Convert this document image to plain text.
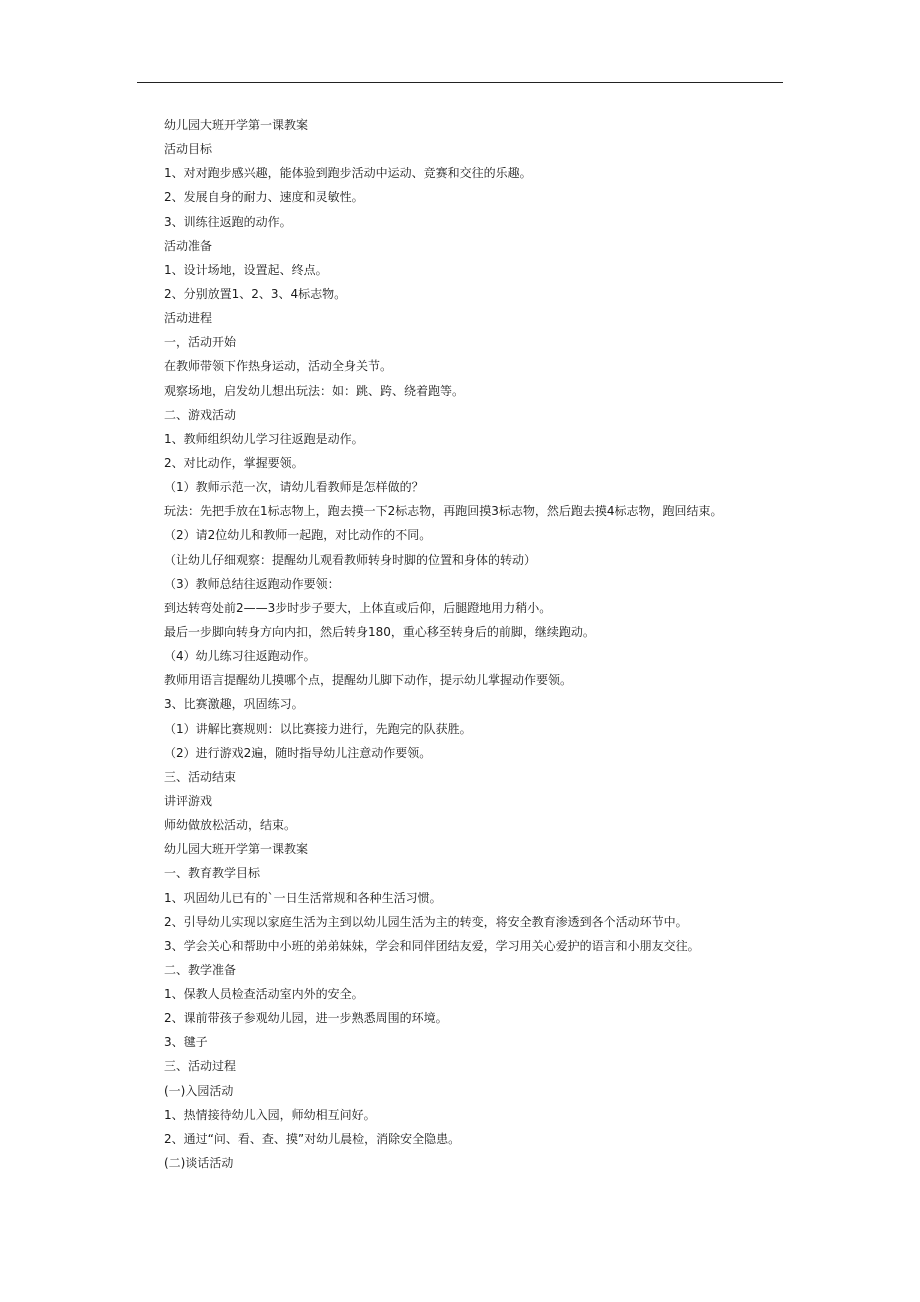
幼儿园大班开学第一课教案
活动目标
1、对对跑步感兴趣，能体验到跑步活动中运动、竞赛和交往的乐趣。
2、发展自身的耐力、速度和灵敏性。
3、训练往返跑的动作。
活动准备
1、设计场地，设置起、终点。
2、分别放置1、2、3、4标志物。
活动进程
一，活动开始
在教师带领下作热身运动，活动全身关节。
观察场地，启发幼儿想出玩法：如：跳、跨、绕着跑等。
二、游戏活动
1、教师组织幼儿学习往返跑是动作。
2、对比动作，掌握要领。
（1）教师示范一次，请幼儿看教师是怎样做的？
玩法：先把手放在1标志物上，跑去摸一下2标志物，再跑回摸3标志物，然后跑去摸4标志物，跑回结束。
（2）请2位幼儿和教师一起跑，对比动作的不同。
（让幼儿仔细观察：提醒幼儿观看教师转身时脚的位置和身体的转动）
（3）教师总结往返跑动作要领：
到达转弯处前2——3步时步子要大，上体直或后仰，后腿蹬地用力稍小。
最后一步脚向转身方向内扣，然后转身180，重心移至转身后的前脚，继续跑动。
（4）幼儿练习往返跑动作。
教师用语言提醒幼儿摸哪个点，提醒幼儿脚下动作，提示幼儿掌握动作要领。
3、比赛激趣，巩固练习。
（1）讲解比赛规则：以比赛接力进行，先跑完的队获胜。
（2）进行游戏2遍，随时指导幼儿注意动作要领。
三、活动结束
讲评游戏
师幼做放松活动，结束。
幼儿园大班开学第一课教案
一、教育教学目标
1、巩固幼儿已有的`一日生活常规和各种生活习惯。
2、引导幼儿实现以家庭生活为主到以幼儿园生活为主的转变，将安全教育渗透到各个活动环节中。
3、学会关心和帮助中小班的弟弟妹妹，学会和同伴团结友爱，学习用关心爱护的语言和小朋友交往。
二、教学准备
1、保教人员检查活动室内外的安全。
2、课前带孩子参观幼儿园，进一步熟悉周围的环境。
3、毽子
三、活动过程
(一)入园活动
1、热情接待幼儿入园，师幼相互问好。
2、通过“问、看、查、摸”对幼儿晨检，消除安全隐患。
(二)谈话活动
